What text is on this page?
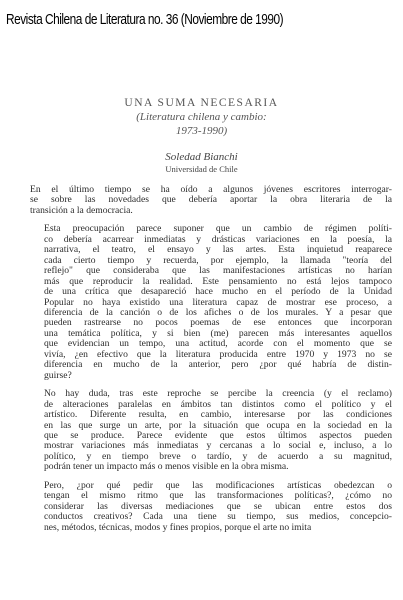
Revista Chilena de Literatura no. 36 (Noviembre de 1990)
UNA SUMA NECESARIA
(Literatura chilena y cambio:
1973-1990)
Soledad Bianchi
Universidad de Chile

En el último tiempo se ha oído a algunos jóvenes escritores interrogar-
se sobre las novedades que debería aportar la obra literaria de la
transición a la democracia.

Esta preocupación parece suponer que un cambio de régimen políti-
co debería acarrear inmediatas y drásticas variaciones en la poesía, la
narrativa, el teatro, el ensayo y las artes. Esta inquietud reaparece
cada cierto tiempo y recuerda, por ejemplo, la llamada "teoría del
reflejo" que consideraba que las manifestaciones artísticas no harían
más que reproducir la realidad. Este pensamiento no está lejos tampoco
de una crítica que desapareció hace mucho en el período de la Unidad
Popular no haya existido una literatura capaz de mostrar ese proceso, a
diferencia de la canción o de los afiches o de los murales. Y a pesar que
pueden rastrearse no pocos poemas de ese entonces que incorporan
una temática política, y si bien (me) parecen más interesantes aquellos
que evidencian un tempo, una actitud, acorde con el momento que se
vivía, ¿en efectivo que la literatura producida entre 1970 y 1973 no se
diferencia en mucho de la anterior, pero ¿por qué habría de distin-
guirse?

No hay duda, tras este reproche se percibe la creencia (y el reclamo)
de alteraciones paralelas en ámbitos tan distintos como el político y el
artístico. Diferente resulta, en cambio, interesarse por las condiciones
en las que surge un arte, por la situación que ocupa en la sociedad en la
que se produce. Parece evidente que estos últimos aspectos pueden
mostrar variaciones más inmediatas y cercanas a lo social e, incluso, a lo
político, y en tiempo breve o tardío, y de acuerdo a su magnitud,
podrán tener un impacto más o menos visible en la obra misma.

Pero, ¿por qué pedir que las modificaciones artísticas obedezcan o
tengan el mismo ritmo que las transformaciones políticas?, ¿cómo no
considerar las diversas mediaciones que se ubican entre estos dos
conductos creativos? Cada una tiene su tiempo, sus medios, concepcio-
nes, métodos, técnicas, modos y fines propios, porque el arte no imita
